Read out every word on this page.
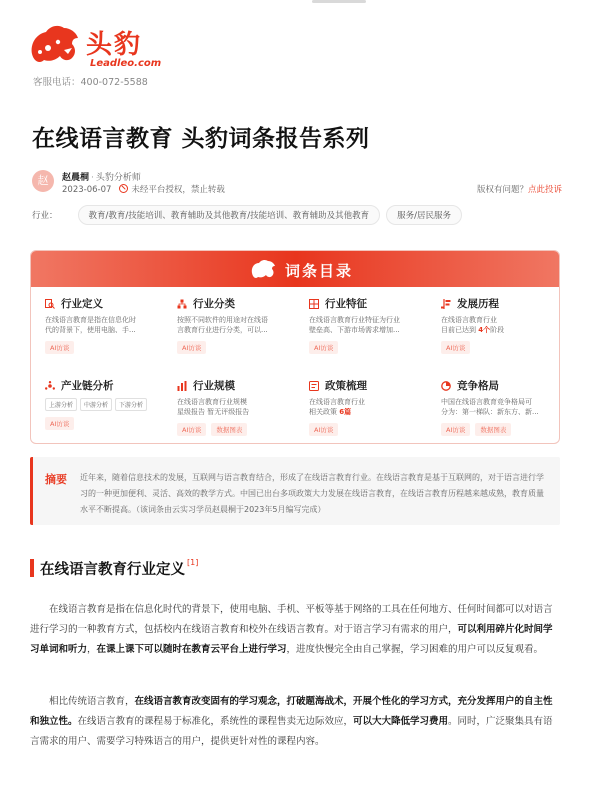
头豹
Leadleo.com
客服电话：400-072-5588
在线语言教育 头豹词条报告系列
赵	赵晨桐 · 头豹分析师
2023-06-07 未经平台授权，禁止转载	版权有问题？点此投诉
行业：	教育/教育/技能培训、教育辅助及其他教育/技能培训、教育辅助及其他教育	服务/居民服务
词条目录
行业定义
在线语言教育是指在信息化时
代的背景下，使用电脑、手...
AI访谈
行业分类
按照不同软件的用途对在线语
言教育行业进行分类，可以...
AI访谈
行业特征
在线语言教育行业特征为行业
壁垒高、下游市场需求增加...
AI访谈
发展历程
在线语言教育行业
目前已达到 4个阶段
AI访谈
产业链分析
上游分析	中游分析	下游分析
AI访谈
行业规模
在线语言教育行业规模
星级报告 暂无评级报告
AI访谈	数据图表
政策梳理
在线语言教育行业
相关政策 6篇
AI访谈
竞争格局
中国在线语言教育竞争格局可
分为：第一梯队：新东方、新...
AI访谈	数据图表
摘要 近年来，随着信息技术的发展，互联网与语言教育结合，形成了在线语言教育行业。在线语言教育是基于互联网的，对于语言进行学习的一种更加便利、灵活、高效的教学方式。中国已出台多项政策大力发展在线语言教育，在线语言教育历程越来越成熟，教育质量水平不断提高。（该词条由云实习学员赵晨桐于2023年5月编写完成）
在线语言教育行业定义 [1]
在线语言教育是指在信息化时代的背景下，使用电脑、手机、平板等基于网络的工具在任何地方、任何时间都可以对语言进行学习的一种教育方式，包括校内在线语言教育和校外在线语言教育。对于语言学习有需求的用户，可以利用碎片化时间学习单词和听力，在课上课下可以随时在教育云平台上进行学习，进度快慢完全由自己掌握，学习困难的用户可以反复观看。
相比传统语言教育，在线语言教育改变固有的学习观念，打破题海战术，开展个性化的学习方式，充分发挥用户的自主性和独立性。在线语言教育的课程易于标准化，系统性的课程售卖无边际效应，可以大大降低学习费用。同时，广泛聚集具有语言需求的用户、需要学习特殊语言的用户，提供更针对性的课程内容。
